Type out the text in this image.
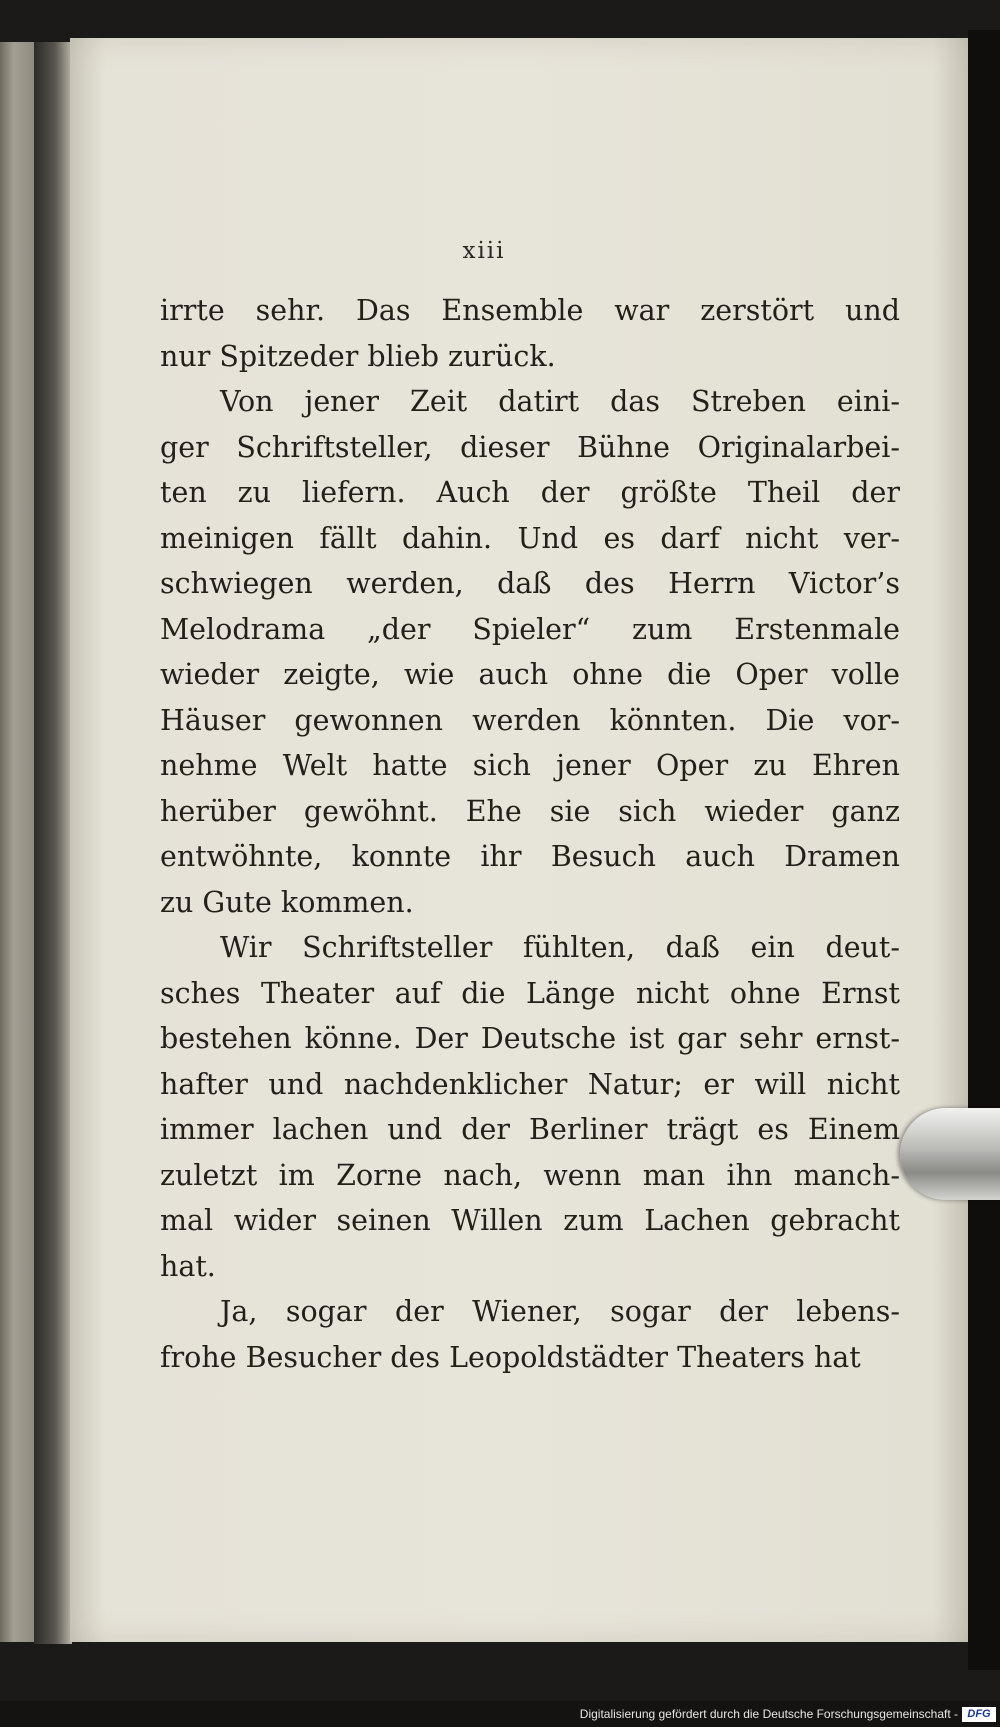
xiii
irrte sehr. Das Ensemble war zerstört und
nur Spitzeder blieb zurück.
Von jener Zeit datirt das Streben eini-
ger Schriftsteller, dieser Bühne Originalarbei-
ten zu liefern. Auch der größte Theil der
meinigen fällt dahin. Und es darf nicht ver-
schwiegen werden, daß des Herrn Victor’s
Melodrama „der Spieler“ zum Erstenmale
wieder zeigte, wie auch ohne die Oper volle
Häuser gewonnen werden könnten. Die vor-
nehme Welt hatte sich jener Oper zu Ehren
herüber gewöhnt. Ehe sie sich wieder ganz
entwöhnte, konnte ihr Besuch auch Dramen
zu Gute kommen.
Wir Schriftsteller fühlten, daß ein deut-
sches Theater auf die Länge nicht ohne Ernst
bestehen könne. Der Deutsche ist gar sehr ernst-
hafter und nachdenklicher Natur; er will nicht
immer lachen und der Berliner trägt es Einem
zuletzt im Zorne nach, wenn man ihn manch-
mal wider seinen Willen zum Lachen gebracht
hat.
Ja, sogar der Wiener, sogar der lebens-
frohe Besucher des Leopoldstädter Theaters hat
Digitalisierung gefördert durch die Deutsche Forschungsgemeinschaft - DFG
